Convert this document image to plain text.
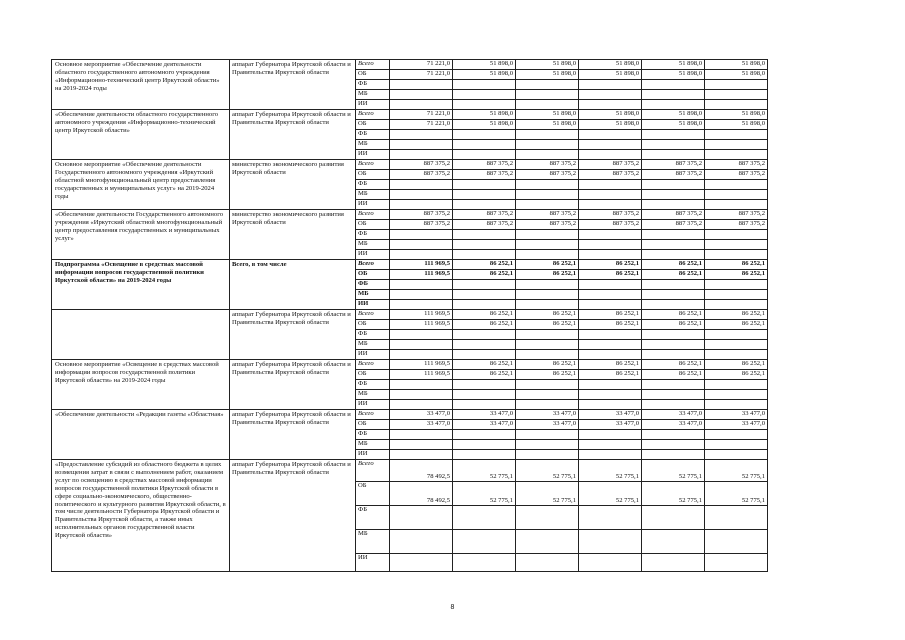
Основное мероприятие «Обеспечение деятельности областного государственного автономного учреждения «Информационно-технический центр Иркутской области» на 2019-2024 годы	аппарат Губернатора Иркутской области и Правительства Иркутской области	Всего	71 221,0	51 898,0	51 898,0	51 898,0	51 898,0	51 898,0
		ОБ	71 221,0	51 898,0	51 898,0	51 898,0	51 898,0	51 898,0
		ФБ						
		МБ						
		ИИ						
«Обеспечение деятельности областного государственного автономного учреждения «Информационно-технический центр Иркутской области»	аппарат Губернатора Иркутской области и Правительства Иркутской области	Всего	71 221,0	51 898,0	51 898,0	51 898,0	51 898,0	51 898,0
		ОБ	71 221,0	51 898,0	51 898,0	51 898,0	51 898,0	51 898,0
		ФБ						
		МБ						
		ИИ						
Основное мероприятие «Обеспечение деятельности Государственного автономного учреждения «Иркутский областной многофункциональный центр предоставления государственных и муниципальных услуг» на 2019-2024 годы	министерство экономического развития Иркутской области	Всего	887 375,2	887 375,2	887 375,2	887 375,2	887 375,2	887 375,2
		ОБ	887 375,2	887 375,2	887 375,2	887 375,2	887 375,2	887 375,2
		ФБ						
		МБ						
		ИИ						
«Обеспечение деятельности Государственного автономного учреждения «Иркутский областной многофункциональный центр предоставления государственных и муниципальных услуг»	министерство экономического развития Иркутской области	Всего	887 375,2	887 375,2	887 375,2	887 375,2	887 375,2	887 375,2
		ОБ	887 375,2	887 375,2	887 375,2	887 375,2	887 375,2	887 375,2
		ФБ						
		МБ						
		ИИ						
Подпрограмма «Освещение в средствах массовой информации вопросов государственной политики Иркутской области» на 2019-2024 годы	Всего, в том числе	Всего	111 969,5	86 252,1	86 252,1	86 252,1	86 252,1	86 252,1
		ОБ	111 969,5	86 252,1	86 252,1	86 252,1	86 252,1	86 252,1
		ФБ						
		МБ						
		ИИ						
	аппарат Губернатора Иркутской области и Правительства Иркутской области	Всего	111 969,5	86 252,1	86 252,1	86 252,1	86 252,1	86 252,1
		ОБ	111 969,5	86 252,1	86 252,1	86 252,1	86 252,1	86 252,1
		ФБ						
		МБ						
		ИИ						
Основное мероприятие «Освещение в средствах массовой информации вопросов государственной политики Иркутской области» на 2019-2024 годы	аппарат Губернатора Иркутской области и Правительства Иркутской области	Всего	111 969,5	86 252,1	86 252,1	86 252,1	86 252,1	86 252,1
		ОБ	111 969,5	86 252,1	86 252,1	86 252,1	86 252,1	86 252,1
		ФБ						
		МБ						
		ИИ						
«Обеспечение деятельности «Редакции газеты «Областная»	аппарат Губернатора Иркутской области и Правительства Иркутской области	Всего	33 477,0	33 477,0	33 477,0	33 477,0	33 477,0	33 477,0
		ОБ	33 477,0	33 477,0	33 477,0	33 477,0	33 477,0	33 477,0
		ФБ						
		МБ						
		ИИ						
«Предоставление субсидий из областного бюджета в целях возмещения затрат в связи с выполнением работ, оказанием услуг по освещению в средствах массовой информации вопросов государственной политики Иркутской области в сфере социально-экономического, общественно-политического и культурного развития Иркутской области, в том числе деятельности Губернатора Иркутской области и Правительства Иркутской области, а также иных исполнительных органов государственной власти Иркутской области»	аппарат Губернатора Иркутской области и Правительства Иркутской области	Всего	78 492,5	52 775,1	52 775,1	52 775,1	52 775,1	52 775,1
		ОБ	78 492,5	52 775,1	52 775,1	52 775,1	52 775,1	52 775,1
		ФБ						
		МБ						
		ИИ						
8
